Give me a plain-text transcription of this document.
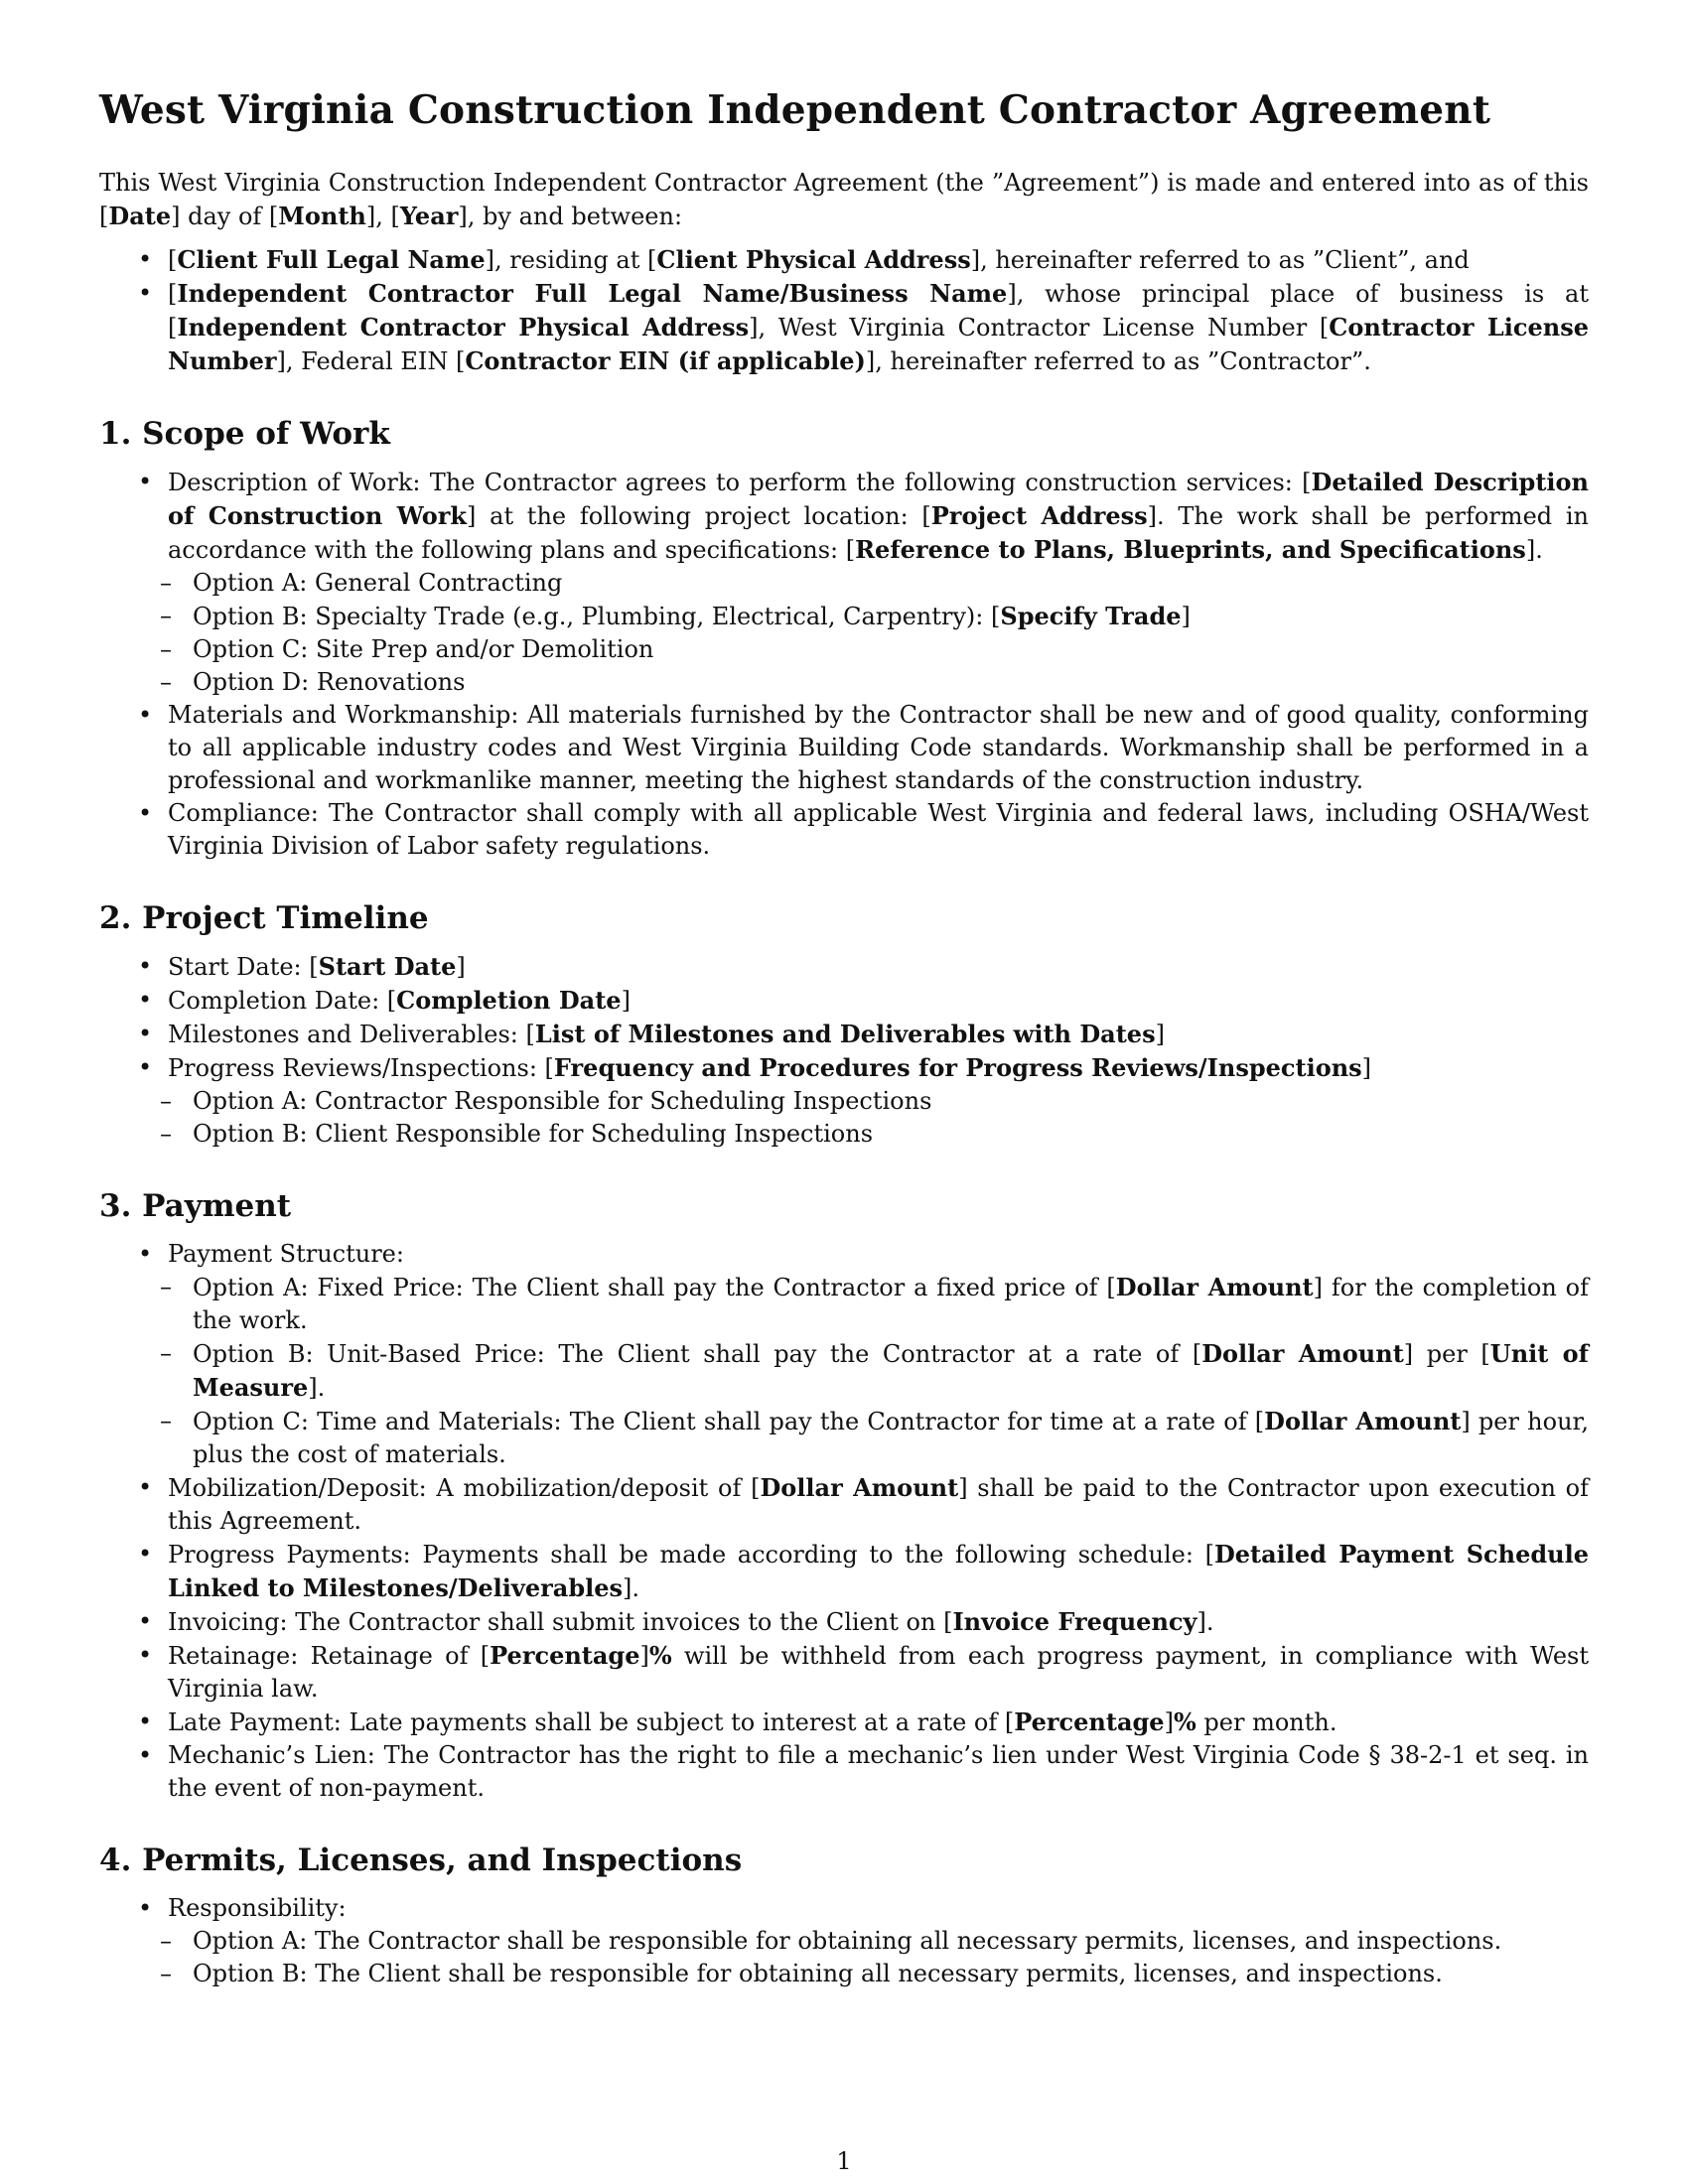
West Virginia Construction Independent Contractor Agreement

This West Virginia Construction Independent Contractor Agreement (the ”Agreement”) is made and entered into as of this [Date] day of [Month], [Year], by and between:

• [Client Full Legal Name], residing at [Client Physical Address], hereinafter referred to as ”Client”, and
• [Independent Contractor Full Legal Name/Business Name], whose principal place of business is at [Independent Contractor Physical Address], West Virginia Contractor License Number [Contractor License Number], Federal EIN [Contractor EIN (if applicable)], hereinafter referred to as ”Contractor”.
1. Scope of Work
• Description of Work: The Contractor agrees to perform the following construction services: [Detailed Description of Construction Work] at the following project location: [Project Address]. The work shall be performed in accordance with the following plans and specifications: [Reference to Plans, Blueprints, and Specifications].
– Option A: General Contracting
– Option B: Specialty Trade (e.g., Plumbing, Electrical, Carpentry): [Specify Trade]
– Option C: Site Prep and/or Demolition
– Option D: Renovations
• Materials and Workmanship: All materials furnished by the Contractor shall be new and of good quality, conforming to all applicable industry codes and West Virginia Building Code standards. Workmanship shall be performed in a professional and workmanlike manner, meeting the highest standards of the construction industry.
• Compliance: The Contractor shall comply with all applicable West Virginia and federal laws, including OSHA/West Virginia Division of Labor safety regulations.
2. Project Timeline
• Start Date: [Start Date]
• Completion Date: [Completion Date]
• Milestones and Deliverables: [List of Milestones and Deliverables with Dates]
• Progress Reviews/Inspections: [Frequency and Procedures for Progress Reviews/Inspections]
– Option A: Contractor Responsible for Scheduling Inspections
– Option B: Client Responsible for Scheduling Inspections
3. Payment
• Payment Structure:
– Option A: Fixed Price: The Client shall pay the Contractor a fixed price of [Dollar Amount] for the completion of the work.
– Option B: Unit-Based Price: The Client shall pay the Contractor at a rate of [Dollar Amount] per [Unit of Measure].
– Option C: Time and Materials: The Client shall pay the Contractor for time at a rate of [Dollar Amount] per hour, plus the cost of materials.
• Mobilization/Deposit: A mobilization/deposit of [Dollar Amount] shall be paid to the Contractor upon execution of this Agreement.
• Progress Payments: Payments shall be made according to the following schedule: [Detailed Payment Schedule Linked to Milestones/Deliverables].
• Invoicing: The Contractor shall submit invoices to the Client on [Invoice Frequency].
• Retainage: Retainage of [Percentage]% will be withheld from each progress payment, in compliance with West Virginia law.
• Late Payment: Late payments shall be subject to interest at a rate of [Percentage]% per month.
• Mechanic’s Lien: The Contractor has the right to file a mechanic’s lien under West Virginia Code § 38-2-1 et seq. in the event of non-payment.
4. Permits, Licenses, and Inspections
• Responsibility:
– Option A: The Contractor shall be responsible for obtaining all necessary permits, licenses, and inspections.
– Option B: The Client shall be responsible for obtaining all necessary permits, licenses, and inspections.
1
